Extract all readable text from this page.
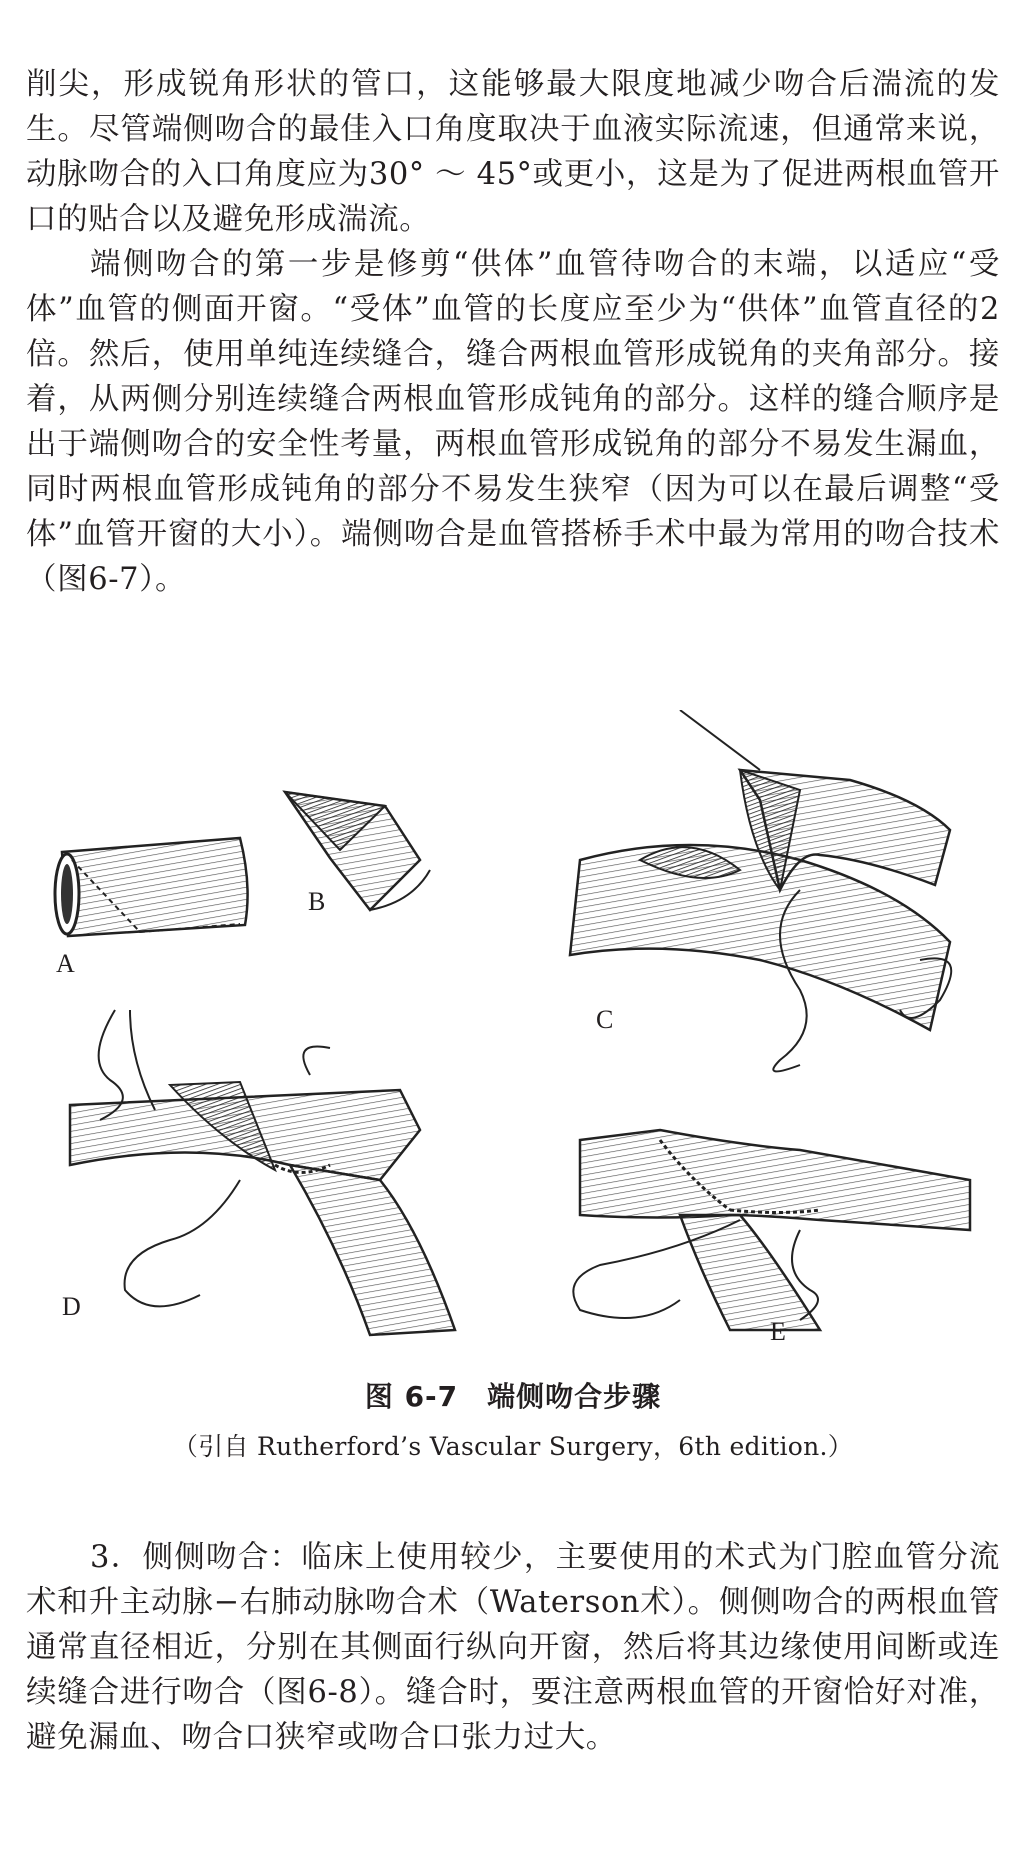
削尖，形成锐角形状的管口，这能够最大限度地减少吻合后湍流的发生。尽管端侧吻合的最佳入口角度取决于血液实际流速，但通常来说，动脉吻合的入口角度应为30° ～ 45°或更小，这是为了促进两根血管开口的贴合以及避免形成湍流。

端侧吻合的第一步是修剪“供体”血管待吻合的末端，以适应“受体”血管的侧面开窗。“受体”血管的长度应至少为“供体”血管直径的2倍。然后，使用单纯连续缝合，缝合两根血管形成锐角的夹角部分。接着，从两侧分别连续缝合两根血管形成钝角的部分。这样的缝合顺序是出于端侧吻合的安全性考量，两根血管形成锐角的部分不易发生漏血，同时两根血管形成钝角的部分不易发生狭窄（因为可以在最后调整“受体”血管开窗的大小）。端侧吻合是血管搭桥手术中最为常用的吻合技术（图6-7）。

A
B
C
D
E
图 6-7　端侧吻合步骤
（引自 Rutherford’s Vascular Surgery，6th edition.）

3．侧侧吻合：临床上使用较少，主要使用的术式为门腔血管分流术和升主动脉−右肺动脉吻合术（Waterson术）。侧侧吻合的两根血管通常直径相近，分别在其侧面行纵向开窗，然后将其边缘使用间断或连续缝合进行吻合（图6-8）。缝合时，要注意两根血管的开窗恰好对准，避免漏血、吻合口狭窄或吻合口张力过大。
